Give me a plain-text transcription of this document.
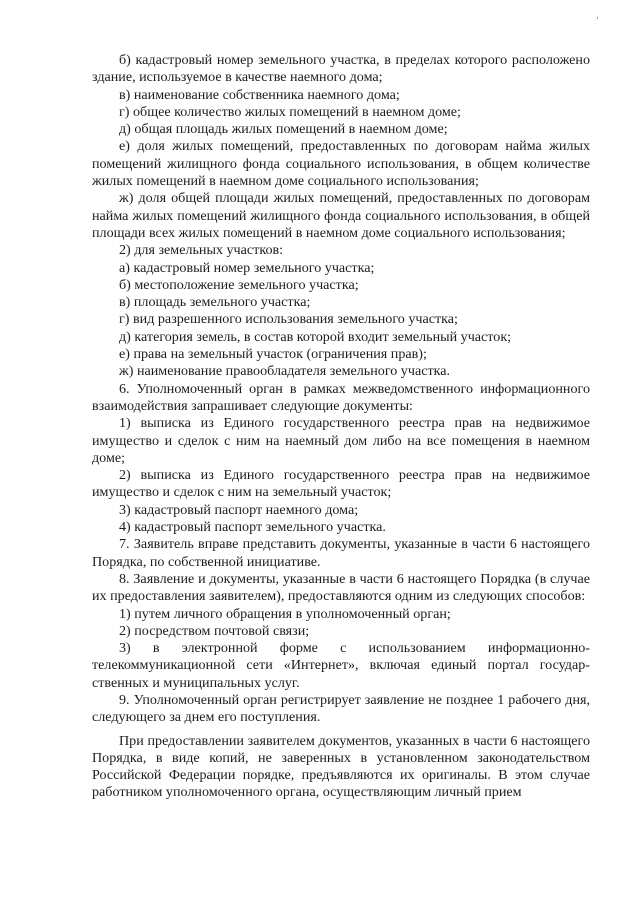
б) кадастровый номер земельного участка, в пределах которого расположено здание, используемое в качестве наемного дома;

в) наименование собственника наемного дома;

г) общее количество жилых помещений в наемном доме;

д) общая площадь жилых помещений в наемном доме;

е) доля жилых помещений, предоставленных по договорам найма жилых помещений жилищного фонда социального использования, в общем количестве жилых помещений в наемном доме социального использования;

ж) доля общей площади жилых помещений, предоставленных по договорам найма жилых помещений жилищного фонда социального использования, в общей площади всех жилых помещений в наемном доме социального использования;

2) для земельных участков:

а) кадастровый номер земельного участка;

б) местоположение земельного участка;

в) площадь земельного участка;

г) вид разрешенного использования земельного участка;

д) категория земель, в состав которой входит земельный участок;

е) права на земельный участок (ограничения прав);

ж) наименование правообладателя земельного участка.

6. Уполномоченный орган в рамках межведомственного информационного взаимодействия запрашивает следующие документы:

1) выписка из Единого государственного реестра прав на недвижимое имущество и сделок с ним на наемный дом либо на все помещения в наемном доме;

2) выписка из Единого государственного реестра прав на недвижимое имущество и сделок с ним на земельный участок;

3) кадастровый паспорт наемного дома;

4) кадастровый паспорт земельного участка.

7. Заявитель вправе представить документы, указанные в части 6 настоящего Порядка, по собственной инициативе.

8. Заявление и документы, указанные в части 6 настоящего Порядка (в случае их предоставления заявителем), предоставляются одним из следующих способов:

1) путем личного обращения в уполномоченный орган;

2) посредством почтовой связи;

3) в электронной форме с использованием информационно-телекоммуникационной сети «Интернет», включая единый портал государственных и муниципальных услуг.

9. Уполномоченный орган регистрирует заявление не позднее 1 рабочего дня, следующего за днем его поступления.

При предоставлении заявителем документов, указанных в части 6 настоящего Порядка, в виде копий, не заверенных в установленном законодательством Российской Федерации порядке, предъявляются их оригиналы. В этом случае работником уполномоченного органа, осуществляющим личный прием
